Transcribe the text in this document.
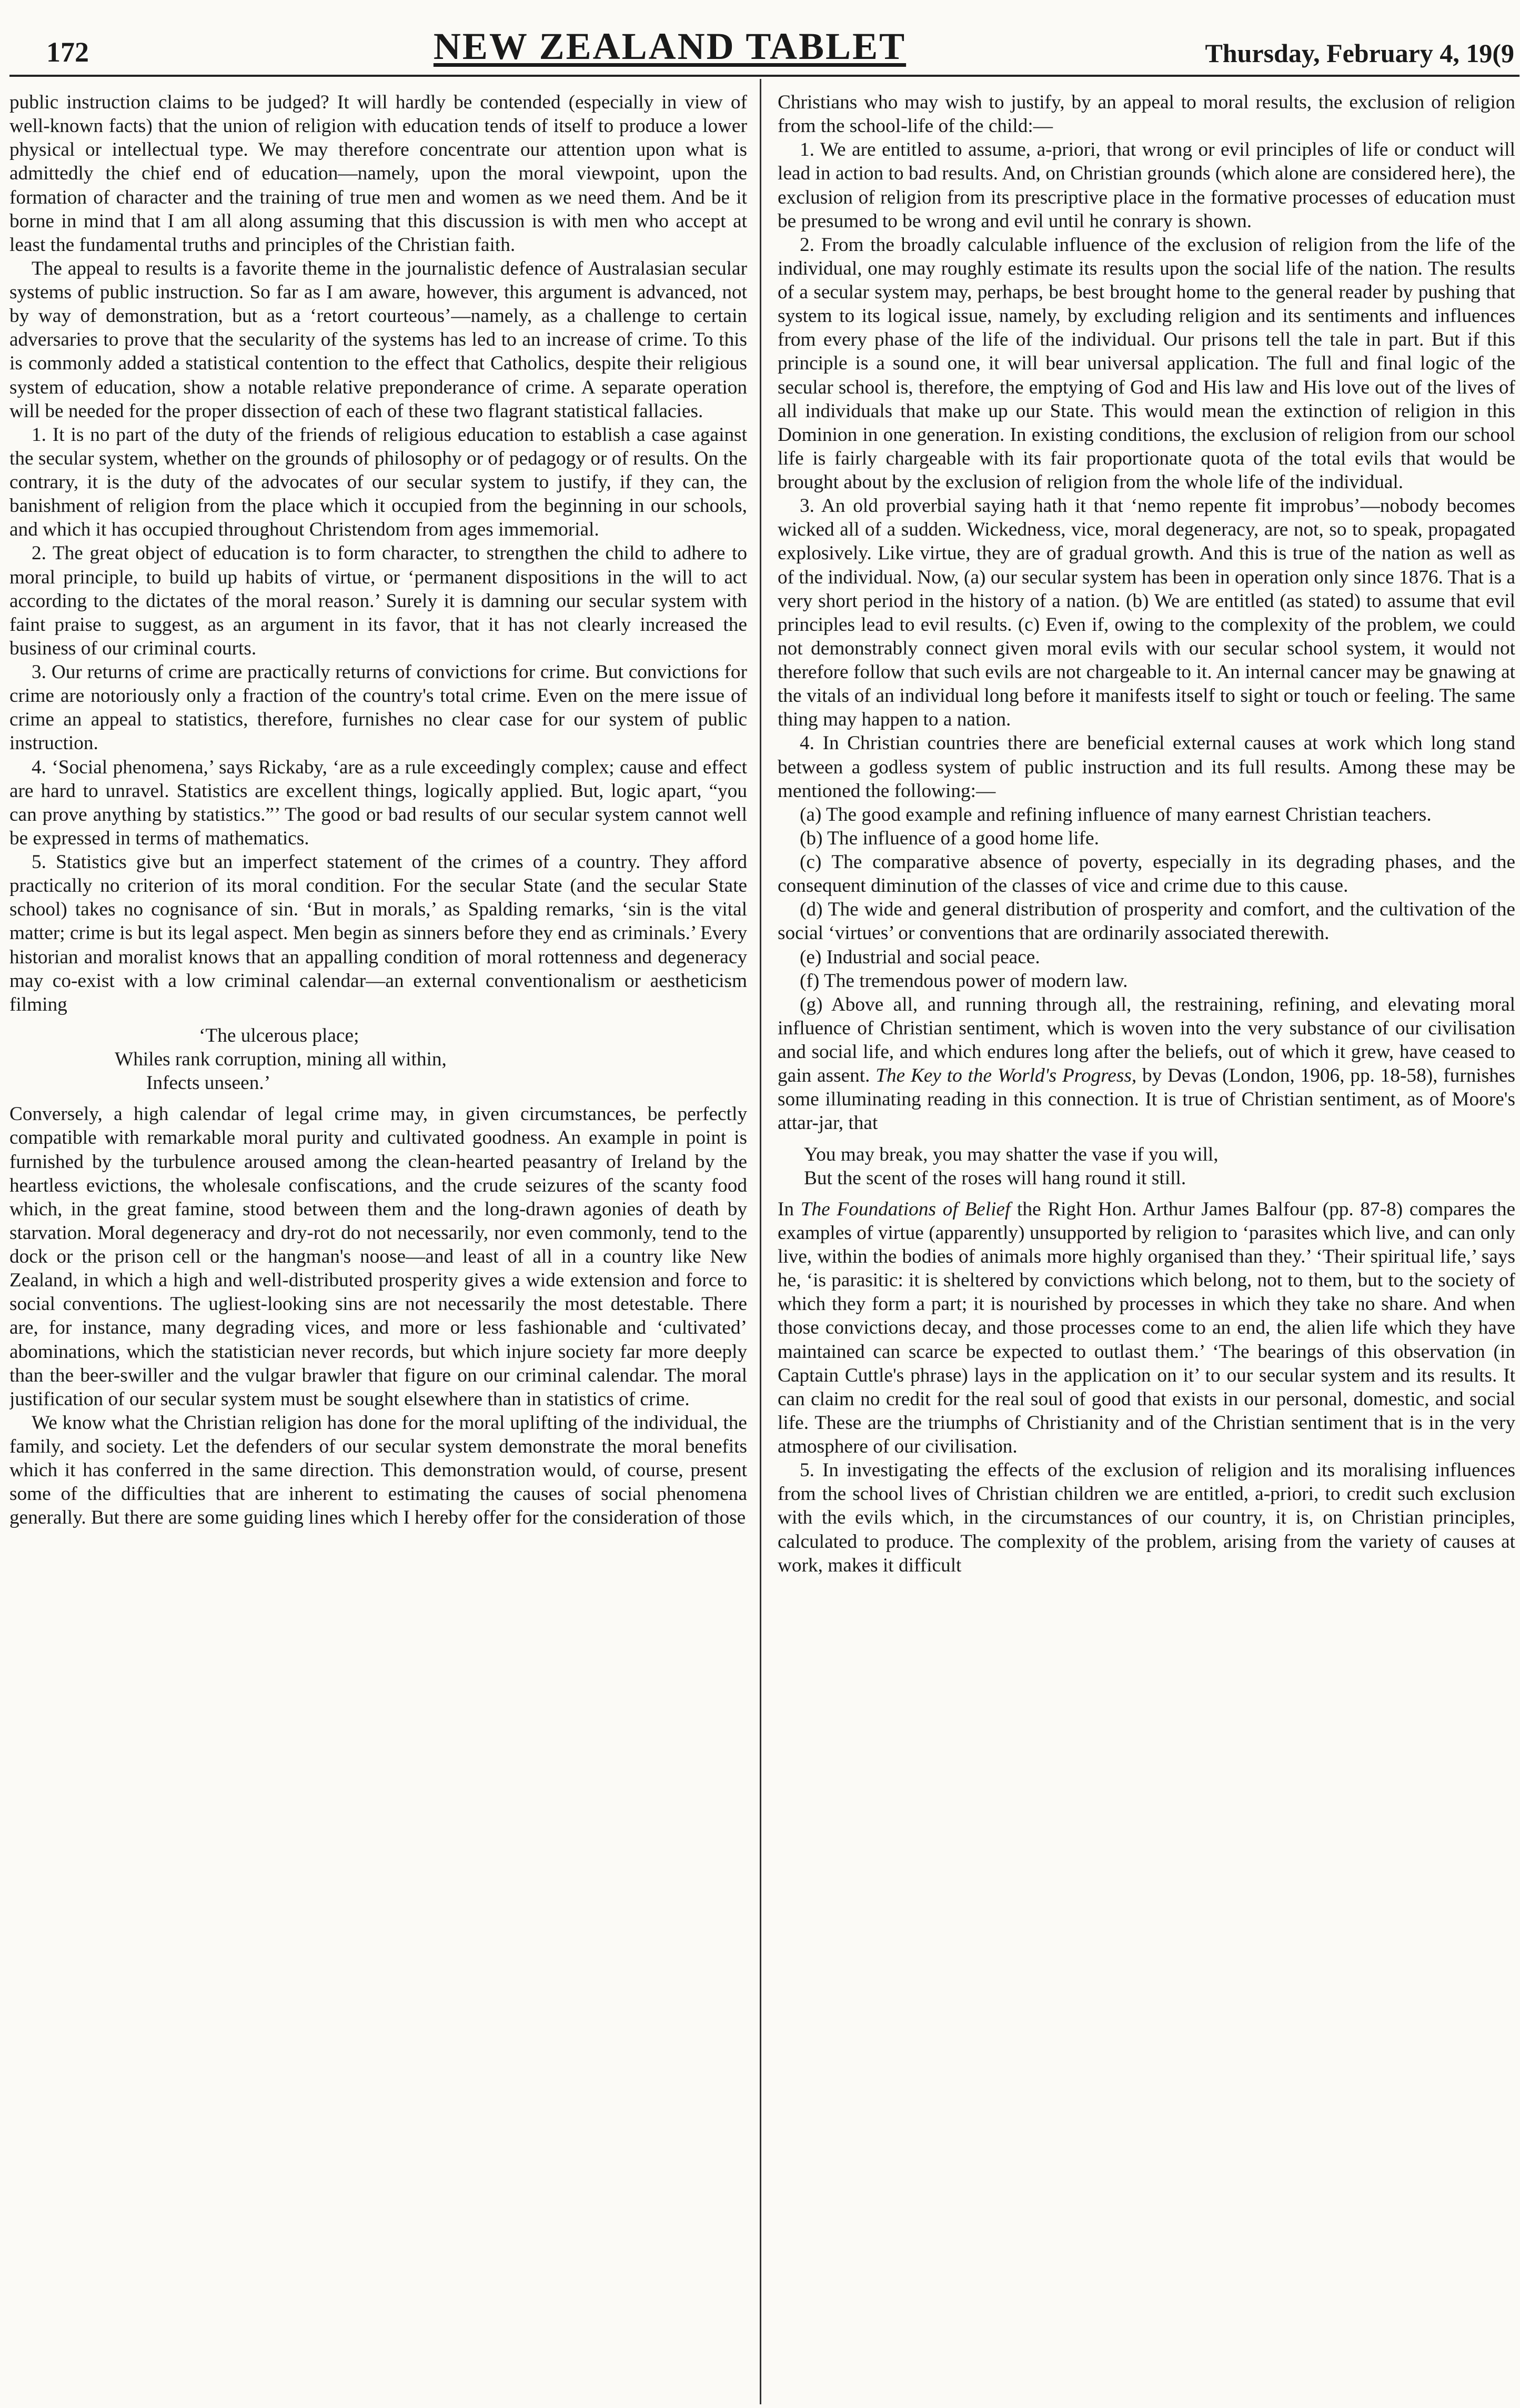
172	NEW ZEALAND TABLET	Thursday, February 4, 19(9

public instruction claims to be judged? It will hardly be contended (especially in view of well-known facts) that the union of religion with education tends of itself to produce a lower physical or intellectual type. We may therefore concentrate our attention upon what is admittedly the chief end of education—namely, upon the moral viewpoint, upon the formation of character and the training of true men and women as we need them. And be it borne in mind that I am all along assuming that this discussion is with men who accept at least the fundamental truths and principles of the Christian faith.

The appeal to results is a favorite theme in the journalistic defence of Australasian secular systems of public instruction. So far as I am aware, however, this argument is advanced, not by way of demonstration, but as a ‘retort courteous’—namely, as a challenge to certain adversaries to prove that the secularity of the systems has led to an increase of crime. To this is commonly added a statistical contention to the effect that Catholics, despite their religious system of education, show a notable relative preponderance of crime. A separate operation will be needed for the proper dissection of each of these two flagrant statistical fallacies.

1. It is no part of the duty of the friends of religious education to establish a case against the secular system, whether on the grounds of philosophy or of pedagogy or of results. On the contrary, it is the duty of the advocates of our secular system to justify, if they can, the banishment of religion from the place which it occupied from the beginning in our schools, and which it has occupied throughout Christendom from ages immemorial.

2. The great object of education is to form character, to strengthen the child to adhere to moral principle, to build up habits of virtue, or ‘permanent dispositions in the will to act according to the dictates of the moral reason.’ Surely it is damning our secular system with faint praise to suggest, as an argument in its favor, that it has not clearly increased the business of our criminal courts.

3. Our returns of crime are practically returns of convictions for crime. But convictions for crime are notoriously only a fraction of the country's total crime. Even on the mere issue of crime an appeal to statistics, therefore, furnishes no clear case for our system of public instruction.

4. ‘Social phenomena,’ says Rickaby, ‘are as a rule exceedingly complex; cause and effect are hard to unravel. Statistics are excellent things, logically applied. But, logic apart, “you can prove anything by statistics.”’ The good or bad results of our secular system cannot well be expressed in terms of mathematics.

5. Statistics give but an imperfect statement of the crimes of a country. They afford practically no criterion of its moral condition. For the secular State (and the secular State school) takes no cognisance of sin. ‘But in morals,’ as Spalding remarks, ‘sin is the vital matter; crime is but its legal aspect. Men begin as sinners before they end as criminals.’ Every historian and moralist knows that an appalling condition of moral rottenness and degeneracy may co-exist with a low criminal calendar—an external conventionalism or aestheticism filming

‘The ulcerous place;
Whiles rank corruption, mining all within,
Infects unseen.’

Conversely, a high calendar of legal crime may, in given circumstances, be perfectly compatible with remarkable moral purity and cultivated goodness. An example in point is furnished by the turbulence aroused among the clean-hearted peasantry of Ireland by the heartless evictions, the wholesale confiscations, and the crude seizures of the scanty food which, in the great famine, stood between them and the long-drawn agonies of death by starvation. Moral degeneracy and dry-rot do not necessarily, nor even commonly, tend to the dock or the prison cell or the hangman's noose—and least of all in a country like New Zealand, in which a high and well-distributed prosperity gives a wide extension and force to social conventions. The ugliest-looking sins are not necessarily the most detestable. There are, for instance, many degrading vices, and more or less fashionable and ‘cultivated’ abominations, which the statistician never records, but which injure society far more deeply than the beer-swiller and the vulgar brawler that figure on our criminal calendar. The moral justification of our secular system must be sought elsewhere than in statistics of crime.

We know what the Christian religion has done for the moral uplifting of the individual, the family, and society. Let the defenders of our secular system demonstrate the moral benefits which it has conferred in the same direction. This demonstration would, of course, present some of the difficulties that are inherent to estimating the causes of social phenomena generally. But there are some guiding lines which I hereby offer for the consideration of those

Christians who may wish to justify, by an appeal to moral results, the exclusion of religion from the school-life of the child:—

1. We are entitled to assume, a-priori, that wrong or evil principles of life or conduct will lead in action to bad results. And, on Christian grounds (which alone are considered here), the exclusion of religion from its prescriptive place in the formative processes of education must be presumed to be wrong and evil until he conrary is shown.

2. From the broadly calculable influence of the exclusion of religion from the life of the individual, one may roughly estimate its results upon the social life of the nation. The results of a secular system may, perhaps, be best brought home to the general reader by pushing that system to its logical issue, namely, by excluding religion and its sentiments and influences from every phase of the life of the individual. Our prisons tell the tale in part. But if this principle is a sound one, it will bear universal application. The full and final logic of the secular school is, therefore, the emptying of God and His law and His love out of the lives of all individuals that make up our State. This would mean the extinction of religion in this Dominion in one generation. In existing conditions, the exclusion of religion from our school life is fairly chargeable with its fair proportionate quota of the total evils that would be brought about by the exclusion of religion from the whole life of the individual.

3. An old proverbial saying hath it that ‘nemo repente fit improbus’—nobody becomes wicked all of a sudden. Wickedness, vice, moral degeneracy, are not, so to speak, propagated explosively. Like virtue, they are of gradual growth. And this is true of the nation as well as of the individual. Now, (a) our secular system has been in operation only since 1876. That is a very short period in the history of a nation. (b) We are entitled (as stated) to assume that evil principles lead to evil results. (c) Even if, owing to the complexity of the problem, we could not demonstrably connect given moral evils with our secular school system, it would not therefore follow that such evils are not chargeable to it. An internal cancer may be gnawing at the vitals of an individual long before it manifests itself to sight or touch or feeling. The same thing may happen to a nation.

4. In Christian countries there are beneficial external causes at work which long stand between a godless system of public instruction and its full results. Among these may be mentioned the following:—

(a) The good example and refining influence of many earnest Christian teachers.

(b) The influence of a good home life.

(c) The comparative absence of poverty, especially in its degrading phases, and the consequent diminution of the classes of vice and crime due to this cause.

(d) The wide and general distribution of prosperity and comfort, and the cultivation of the social ‘virtues’ or conventions that are ordinarily associated therewith.

(e) Industrial and social peace.

(f) The tremendous power of modern law.

(g) Above all, and running through all, the restraining, refining, and elevating moral influence of Christian sentiment, which is woven into the very substance of our civilisation and social life, and which endures long after the beliefs, out of which it grew, have ceased to gain assent. The Key to the World's Progress, by Devas (London, 1906, pp. 18-58), furnishes some illuminating reading in this connection. It is true of Christian sentiment, as of Moore's attar-jar, that

You may break, you may shatter the vase if you will,
But the scent of the roses will hang round it still.

In The Foundations of Belief the Right Hon. Arthur James Balfour (pp. 87-8) compares the examples of virtue (apparently) unsupported by religion to ‘parasites which live, and can only live, within the bodies of animals more highly organised than they.’ ‘Their spiritual life,’ says he, ‘is parasitic: it is sheltered by convictions which belong, not to them, but to the society of which they form a part; it is nourished by processes in which they take no share. And when those convictions decay, and those processes come to an end, the alien life which they have maintained can scarce be expected to outlast them.’ ‘The bearings of this observation (in Captain Cuttle's phrase) lays in the application on it’ to our secular system and its results. It can claim no credit for the real soul of good that exists in our personal, domestic, and social life. These are the triumphs of Christianity and of the Christian sentiment that is in the very atmosphere of our civilisation.

5. In investigating the effects of the exclusion of religion and its moralising influences from the school lives of Christian children we are entitled, a-priori, to credit such exclusion with the evils which, in the circumstances of our country, it is, on Christian principles, calculated to produce. The complexity of the problem, arising from the variety of causes at work, makes it difficult
